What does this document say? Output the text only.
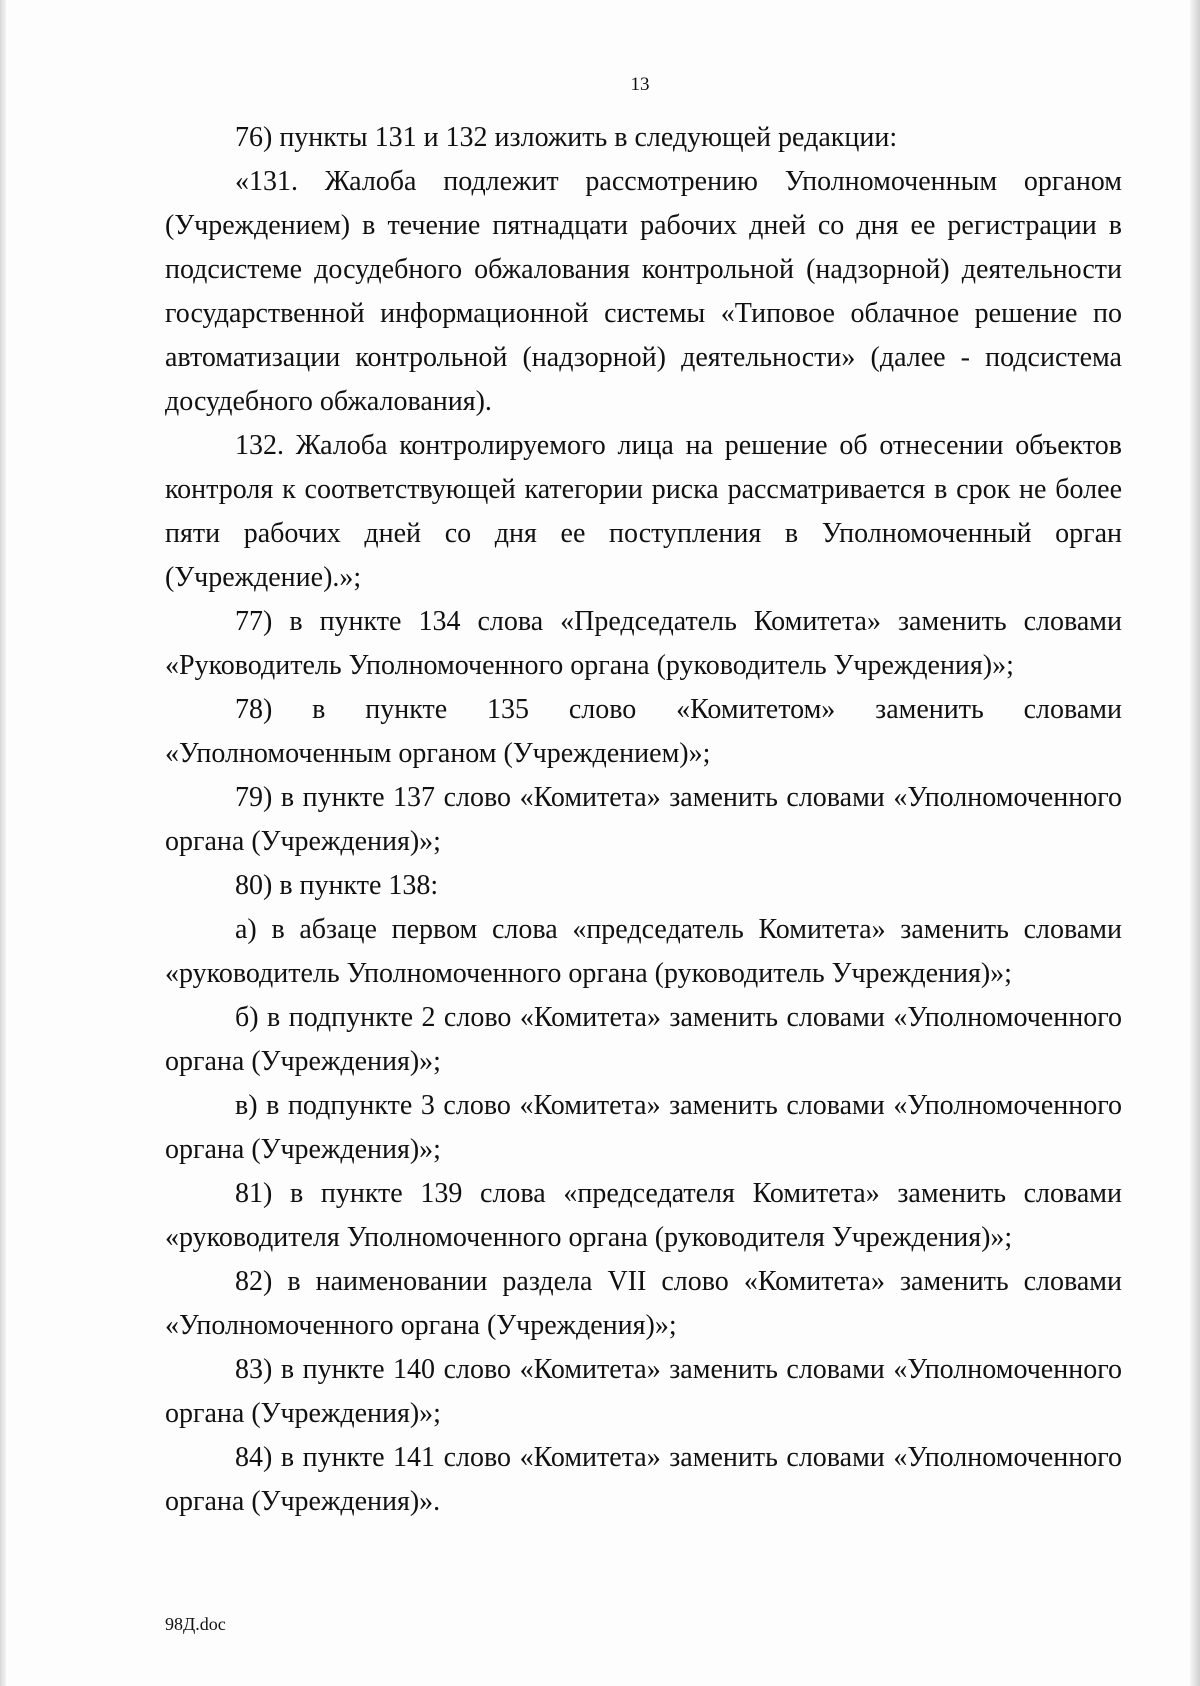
13

76) пункты 131 и 132 изложить в следующей редакции:

«131. Жалоба подлежит рассмотрению Уполномоченным органом (Учреждением) в течение пятнадцати рабочих дней со дня ее регистрации в подсистеме досудебного обжалования контрольной (надзорной) деятельности государственной информационной системы «Типовое облачное решение по автоматизации контрольной (надзорной) деятельности» (далее - подсистема досудебного обжалования).

132. Жалоба контролируемого лица на решение об отнесении объектов контроля к соответствующей категории риска рассматривается в срок не более пяти рабочих дней со дня ее поступления в Уполномоченный орган (Учреждение).»;

77) в пункте 134 слова «Председатель Комитета» заменить словами «Руководитель Уполномоченного органа (руководитель Учреждения)»;

78) в пункте 135 слово «Комитетом» заменить словами «Уполномоченным органом (Учреждением)»;

79) в пункте 137 слово «Комитета» заменить словами «Уполномоченного органа (Учреждения)»;

80) в пункте 138:

а) в абзаце первом слова «председатель Комитета» заменить словами «руководитель Уполномоченного органа (руководитель Учреждения)»;

б) в подпункте 2 слово «Комитета» заменить словами «Уполномоченного органа (Учреждения)»;

в) в подпункте 3 слово «Комитета» заменить словами «Уполномоченного органа (Учреждения)»;

81) в пункте 139 слова «председателя Комитета» заменить словами «руководителя Уполномоченного органа (руководителя Учреждения)»;

82) в наименовании раздела VII слово «Комитета» заменить словами «Уполномоченного органа (Учреждения)»;

83) в пункте 140 слово «Комитета» заменить словами «Уполномоченного органа (Учреждения)»;

84) в пункте 141 слово «Комитета» заменить словами «Уполномоченного органа (Учреждения)».

98Д.doc
